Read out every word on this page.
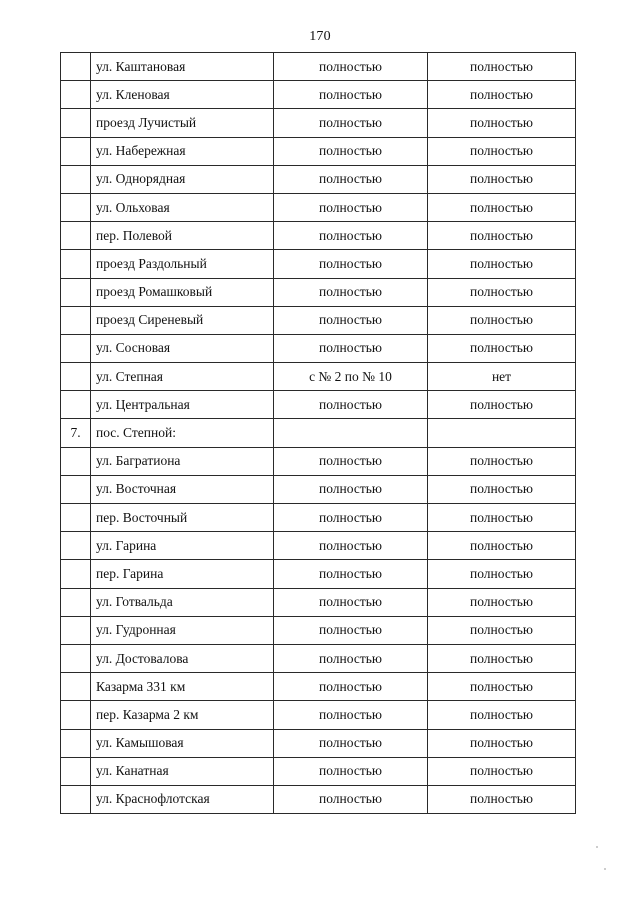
170
	ул. Каштановая	полностью	полностью
	ул. Кленовая	полностью	полностью
	проезд Лучистый	полностью	полностью
	ул. Набережная	полностью	полностью
	ул. Однорядная	полностью	полностью
	ул. Ольховая	полностью	полностью
	пер. Полевой	полностью	полностью
	проезд Раздольный	полностью	полностью
	проезд Ромашковый	полностью	полностью
	проезд Сиреневый	полностью	полностью
	ул. Сосновая	полностью	полностью
	ул. Степная	с № 2 по № 10	нет
	ул. Центральная	полностью	полностью
7.	пос. Степной:		
	ул. Багратиона	полностью	полностью
	ул. Восточная	полностью	полностью
	пер. Восточный	полностью	полностью
	ул. Гарина	полностью	полностью
	пер. Гарина	полностью	полностью
	ул. Готвальда	полностью	полностью
	ул. Гудронная	полностью	полностью
	ул. Достовалова	полностью	полностью
	Казарма 331 км	полностью	полностью
	пер. Казарма 2 км	полностью	полностью
	ул. Камышовая	полностью	полностью
	ул. Канатная	полностью	полностью
	ул. Краснофлотская	полностью	полностью
